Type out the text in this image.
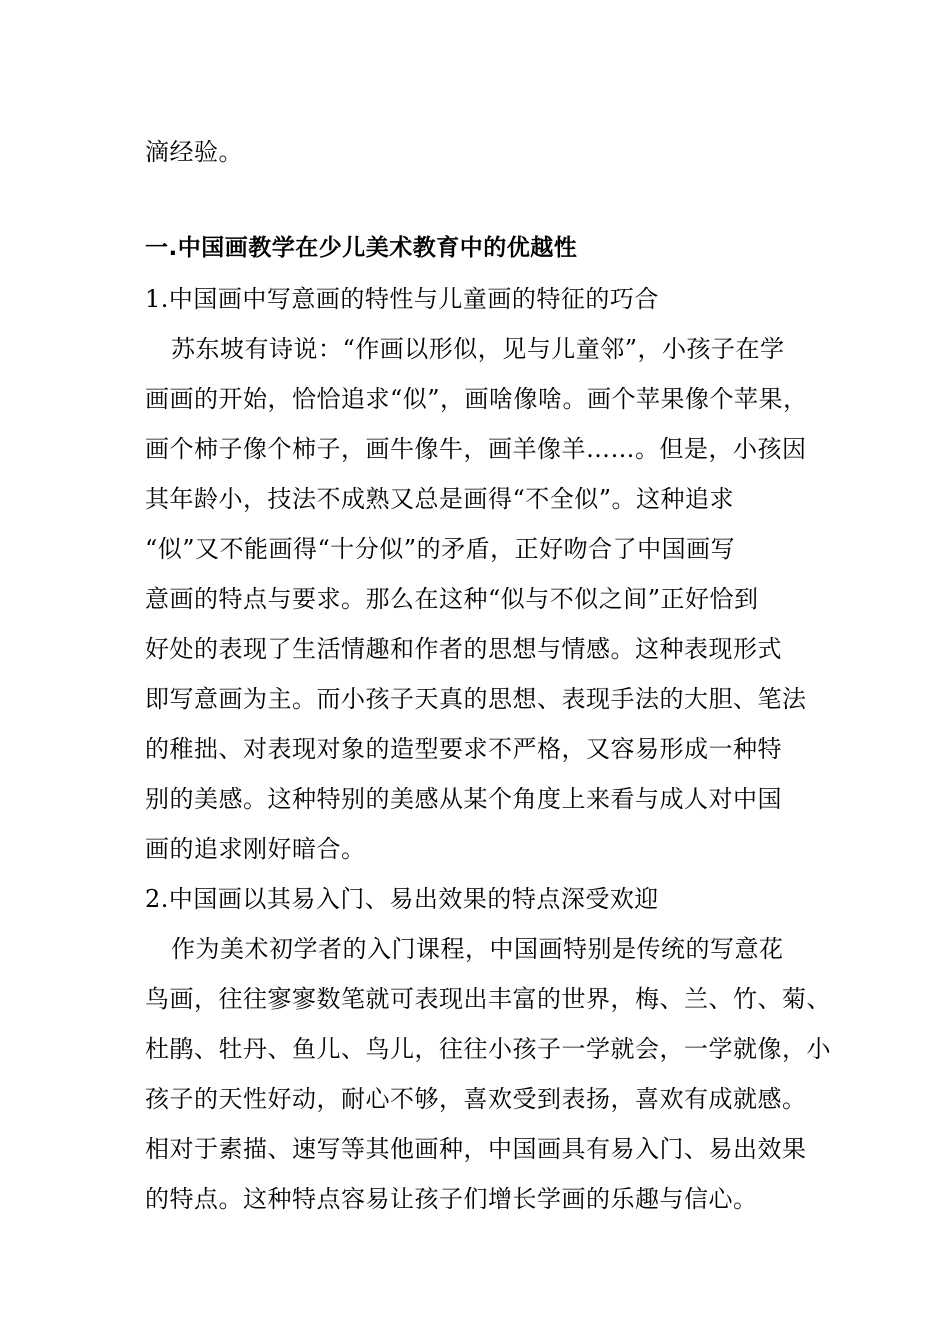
滴经验。
一.中国画教学在少儿美术教育中的优越性
1.中国画中写意画的特性与儿童画的特征的巧合
苏东坡有诗说：“作画以形似，见与儿童邻”，小孩子在学
画画的开始，恰恰追求“似”，画啥像啥。画个苹果像个苹果，
画个柿子像个柿子，画牛像牛，画羊像羊……。但是，小孩因
其年龄小，技法不成熟又总是画得“不全似”。这种追求
“似”又不能画得“十分似”的矛盾，正好吻合了中国画写
意画的特点与要求。那么在这种“似与不似之间”正好恰到
好处的表现了生活情趣和作者的思想与情感。这种表现形式
即写意画为主。而小孩子天真的思想、表现手法的大胆、笔法
的稚拙、对表现对象的造型要求不严格，又容易形成一种特
别的美感。这种特别的美感从某个角度上来看与成人对中国
画的追求刚好暗合。
2.中国画以其易入门、易出效果的特点深受欢迎
作为美术初学者的入门课程，中国画特别是传统的写意花
鸟画，往往寥寥数笔就可表现出丰富的世界，梅、兰、竹、菊、
杜鹃、牡丹、鱼儿、鸟儿，往往小孩子一学就会，一学就像，小
孩子的天性好动，耐心不够，喜欢受到表扬，喜欢有成就感。
相对于素描、速写等其他画种，中国画具有易入门、易出效果
的特点。这种特点容易让孩子们增长学画的乐趣与信心。
